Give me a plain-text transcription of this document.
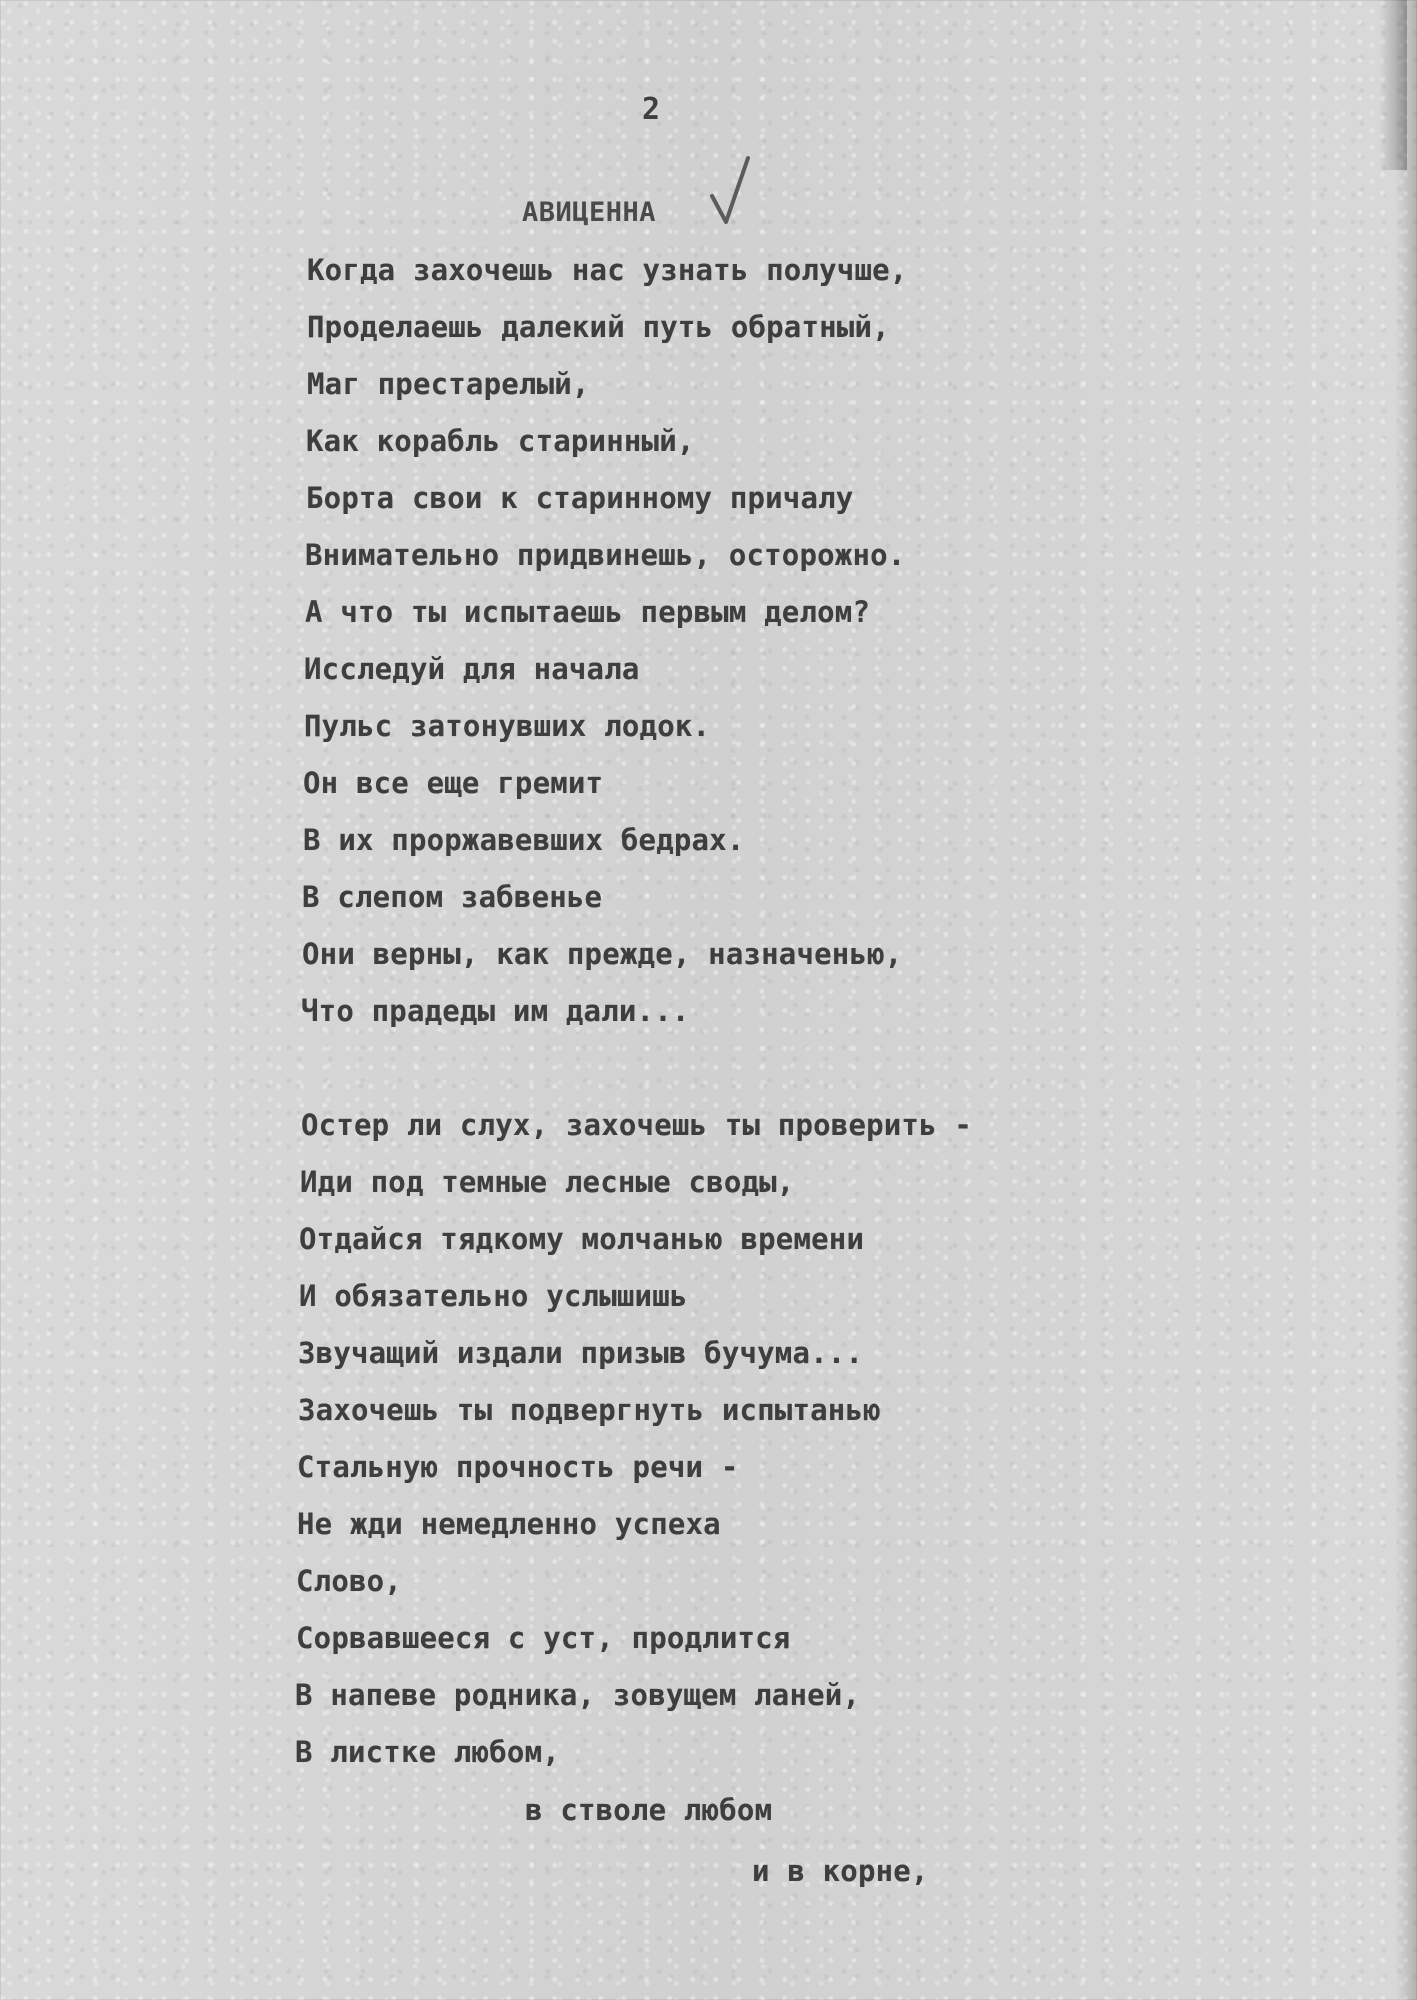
2
АВИЦЕННА

Когда захочешь нас узнать получше,

Проделаешь далекий путь обратный,

Маг престарелый,

Как корабль старинный,

Борта свои к старинному причалу

Внимательно придвинешь, осторожно.

А что ты испытаешь первым делом?

Исследуй для начала

Пульс затонувших лодок.

Он все еще гремит

В их проржавевших бедрах.

В слепом забвенье

Они верны, как прежде, назначенью,

Что прадеды им дали...

Остер ли слух, захочешь ты проверить -

Иди под темные лесные своды,

Отдайся тядкому молчанью времени

И обязательно услышишь

Звучащий издали призыв бучума...

Захочешь ты подвергнуть испытанью

Стальную прочность речи -

Не жди немедленно успеха

Слово,

Сорвавшееся с уст, продлится

В напеве родника, зовущем ланей,

В листке любом,

в стволе любом

и в корне,
